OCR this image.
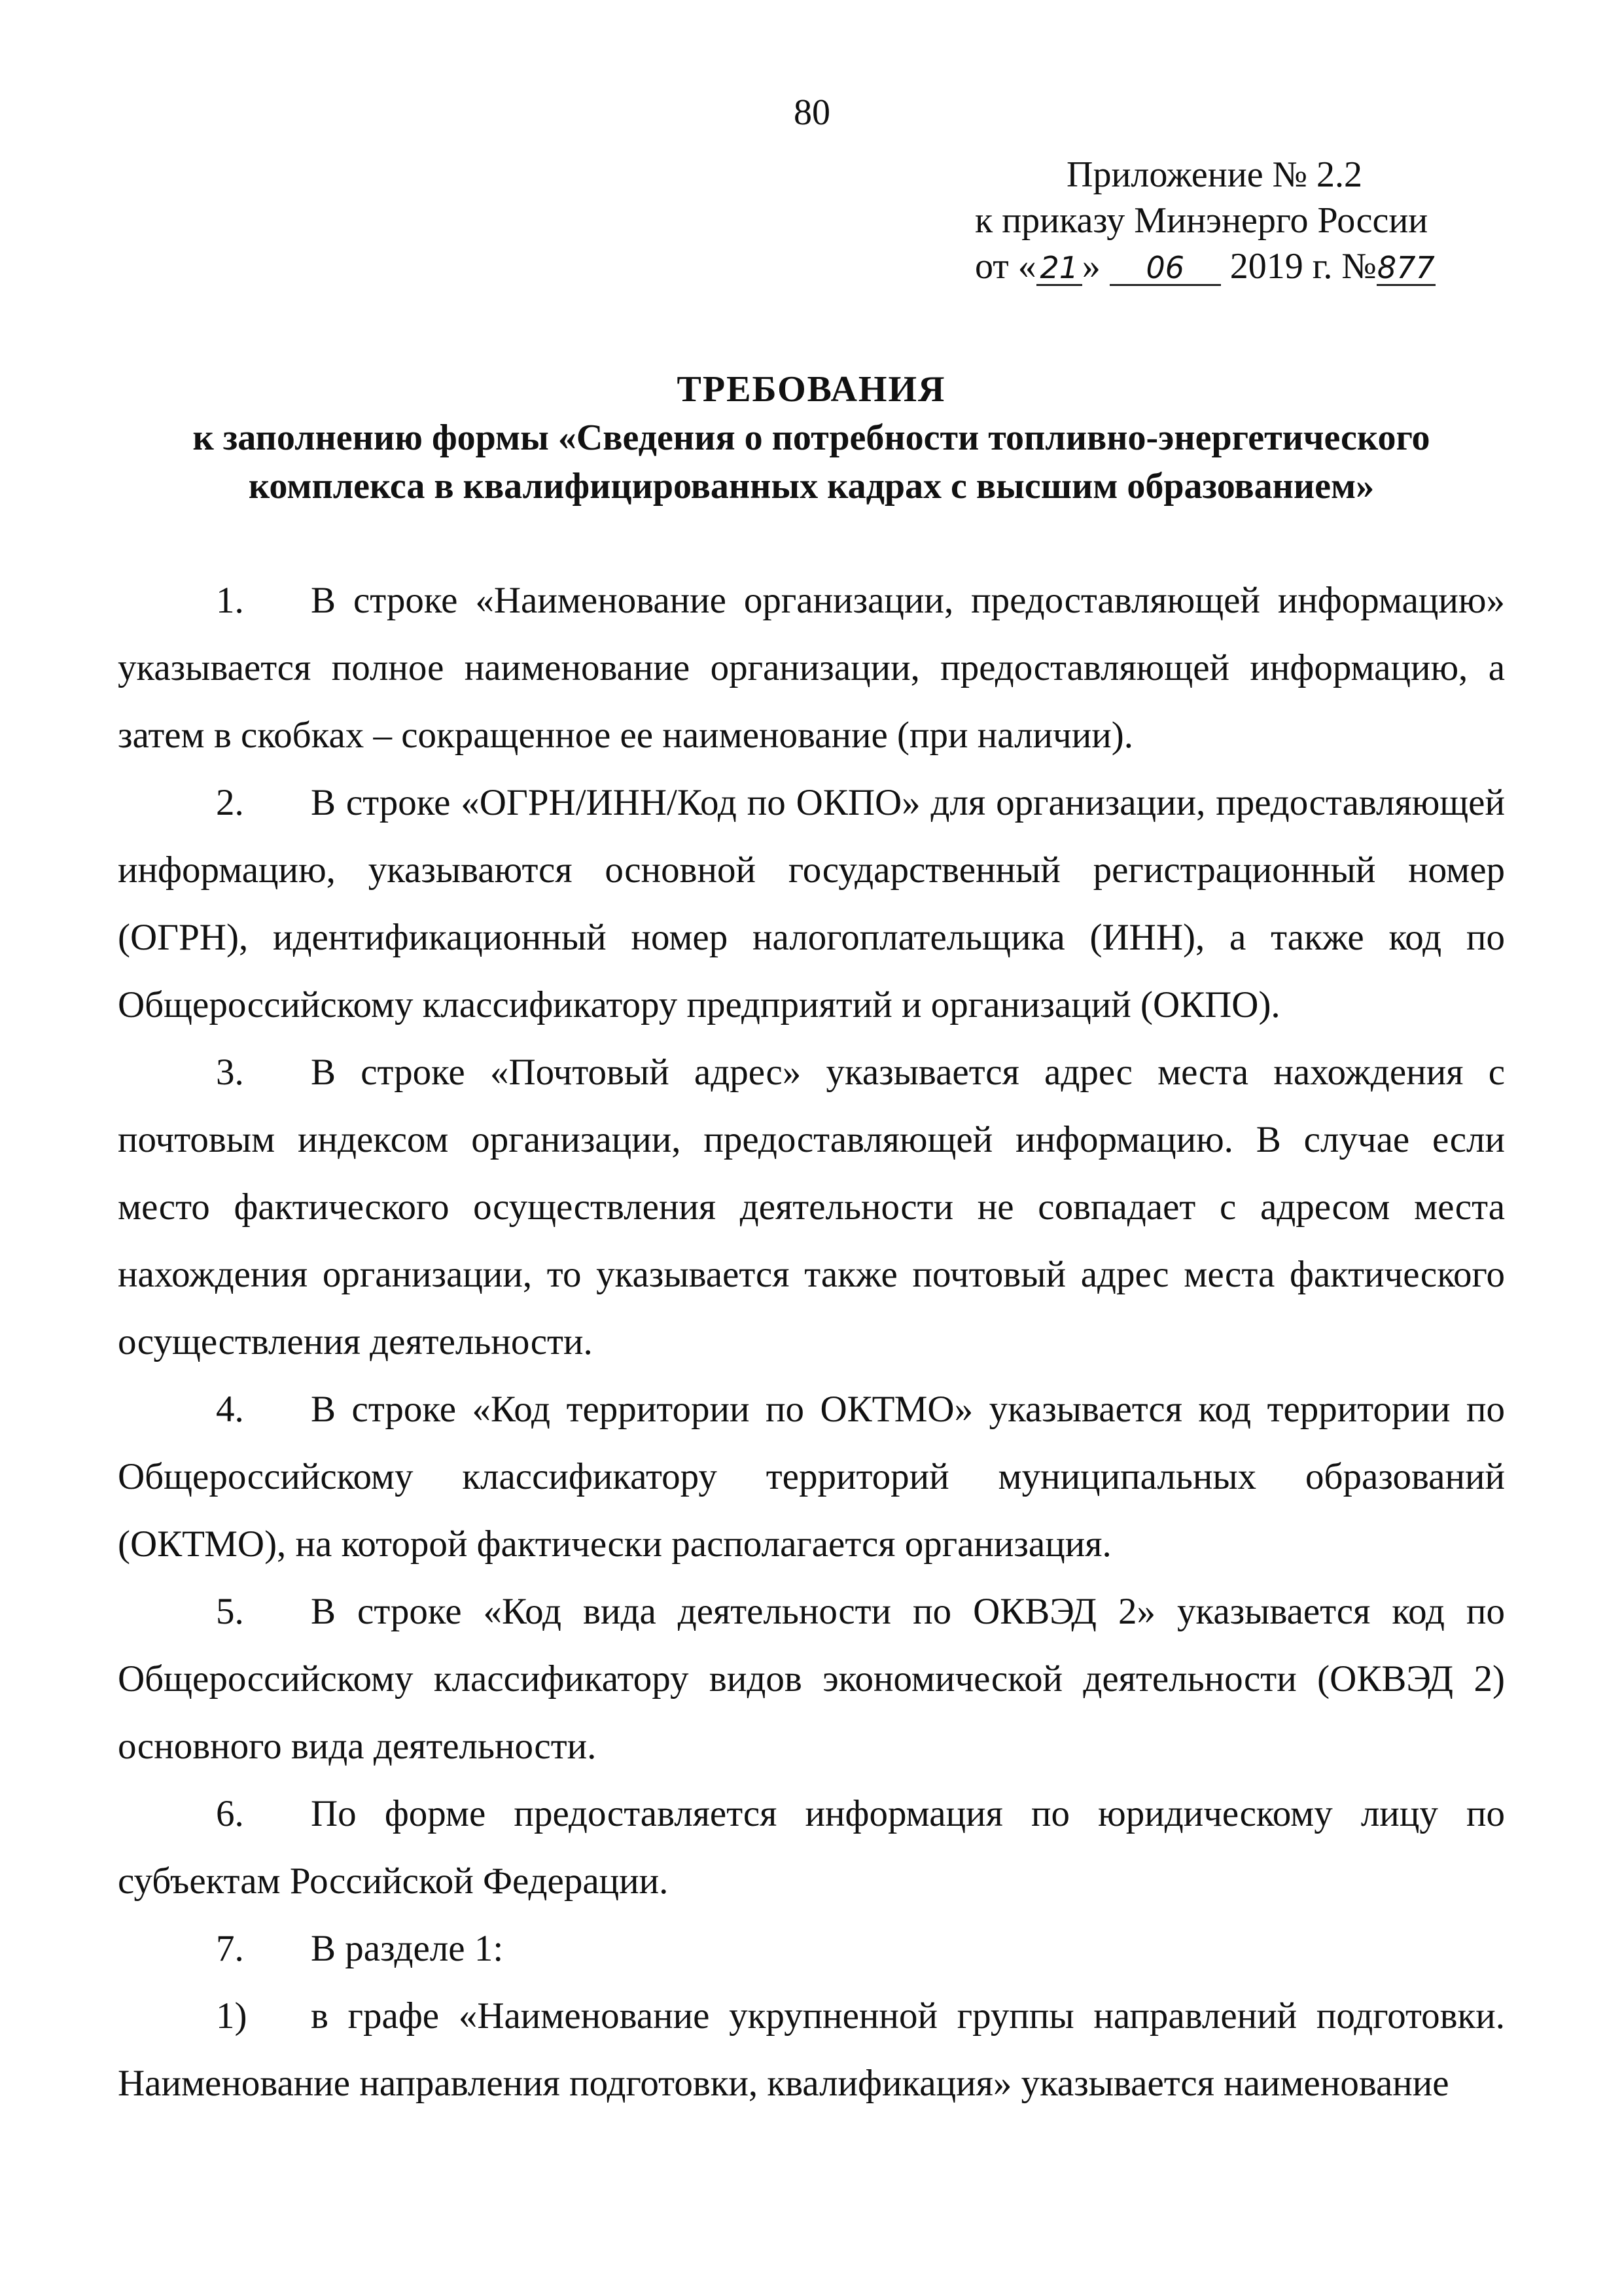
80
Приложение № 2.2
к приказу Минэнерго России
от « 21 » 06 2019 г. №877
ТРЕБОВАНИЯ
к заполнению формы «Сведения о потребности топливно-энергетического
комплекса в квалифицированных кадрах с высшим образованием»

1. В строке «Наименование организации, предоставляющей информацию» указывается полное наименование организации, предоставляющей информацию, а затем в скобках – сокращенное ее наименование (при наличии).

2. В строке «ОГРН/ИНН/Код по ОКПО» для организации, предоставляющей информацию, указываются основной государственный регистрационный номер (ОГРН), идентификационный номер налогоплательщика (ИНН), а также код по Общероссийскому классификатору предприятий и организаций (ОКПО).

3. В строке «Почтовый адрес» указывается адрес места нахождения с почтовым индексом организации, предоставляющей информацию. В случае если место фактического осуществления деятельности не совпадает с адресом места нахождения организации, то указывается также почтовый адрес места фактического осуществления деятельности.

4. В строке «Код территории по ОКТМО» указывается код территории по Общероссийскому классификатору территорий муниципальных образований (ОКТМО), на которой фактически располагается организация.

5. В строке «Код вида деятельности по ОКВЭД 2» указывается код по Общероссийскому классификатору видов экономической деятельности (ОКВЭД 2) основного вида деятельности.

6. По форме предоставляется информация по юридическому лицу по субъектам Российской Федерации.

7. В разделе 1:

1) в графе «Наименование укрупненной группы направлений подготовки. Наименование направления подготовки, квалификация» указывается наименование
